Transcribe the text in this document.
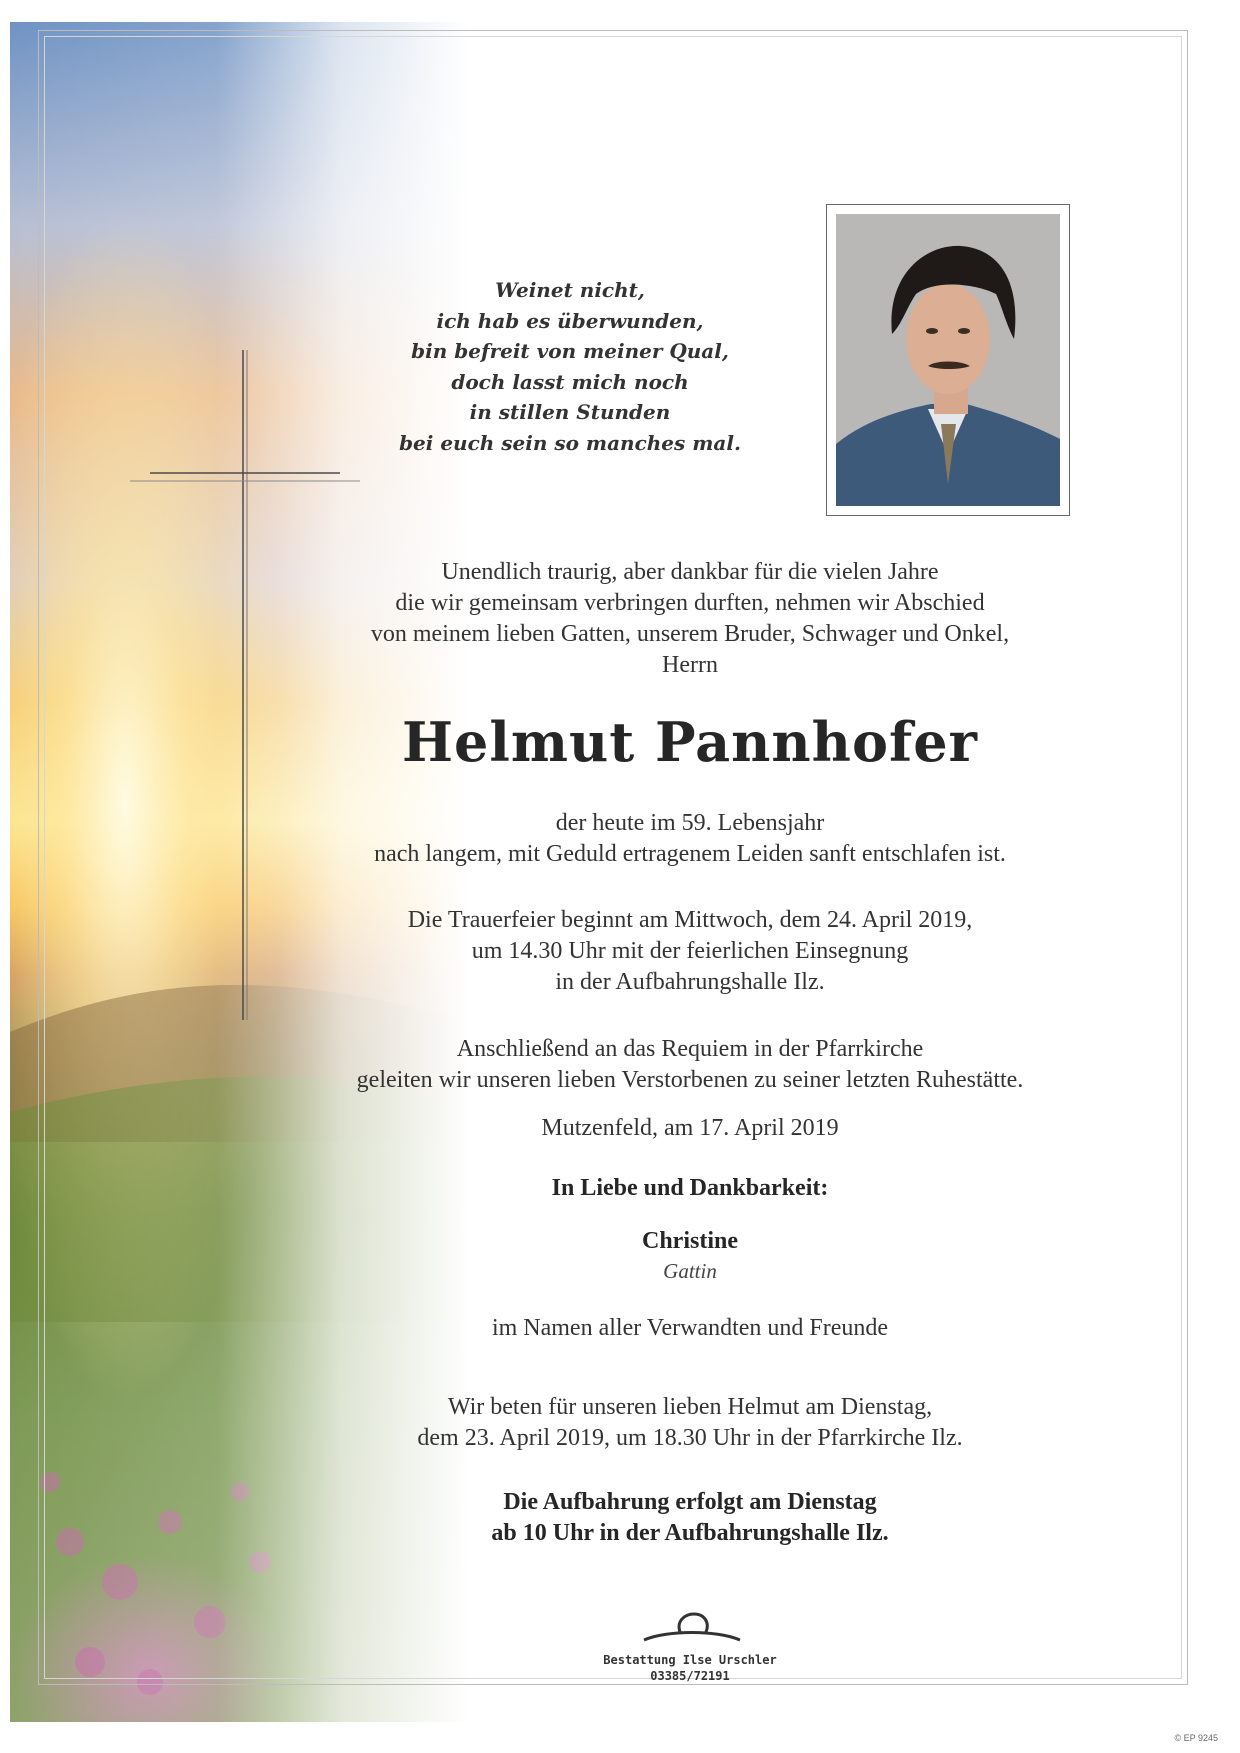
Weinet nicht,
ich hab es überwunden,
bin befreit von meiner Qual,
doch lasst mich noch
in stillen Stunden
bei euch sein so manches mal.
Unendlich traurig, aber dankbar für die vielen Jahre
die wir gemeinsam verbringen durften, nehmen wir Abschied
von meinem lieben Gatten, unserem Bruder, Schwager und Onkel,
Herrn
Helmut Pannhofer
der heute im 59. Lebensjahr
nach langem, mit Geduld ertragenem Leiden sanft entschlafen ist.
Die Trauerfeier beginnt am Mittwoch, dem 24. April 2019,
um 14.30 Uhr mit der feierlichen Einsegnung
in der Aufbahrungshalle Ilz.
Anschließend an das Requiem in der Pfarrkirche
geleiten wir unseren lieben Verstorbenen zu seiner letzten Ruhestätte.
Mutzenfeld, am 17. April 2019
In Liebe und Dankbarkeit:
Christine
Gattin
im Namen aller Verwandten und Freunde
Wir beten für unseren lieben Helmut am Dienstag,
dem 23. April 2019, um 18.30 Uhr in der Pfarrkirche Ilz.
Die Aufbahrung erfolgt am Dienstag
ab 10 Uhr in der Aufbahrungshalle Ilz.
Bestattung Ilse Urschler
03385/72191
© EP 9245
